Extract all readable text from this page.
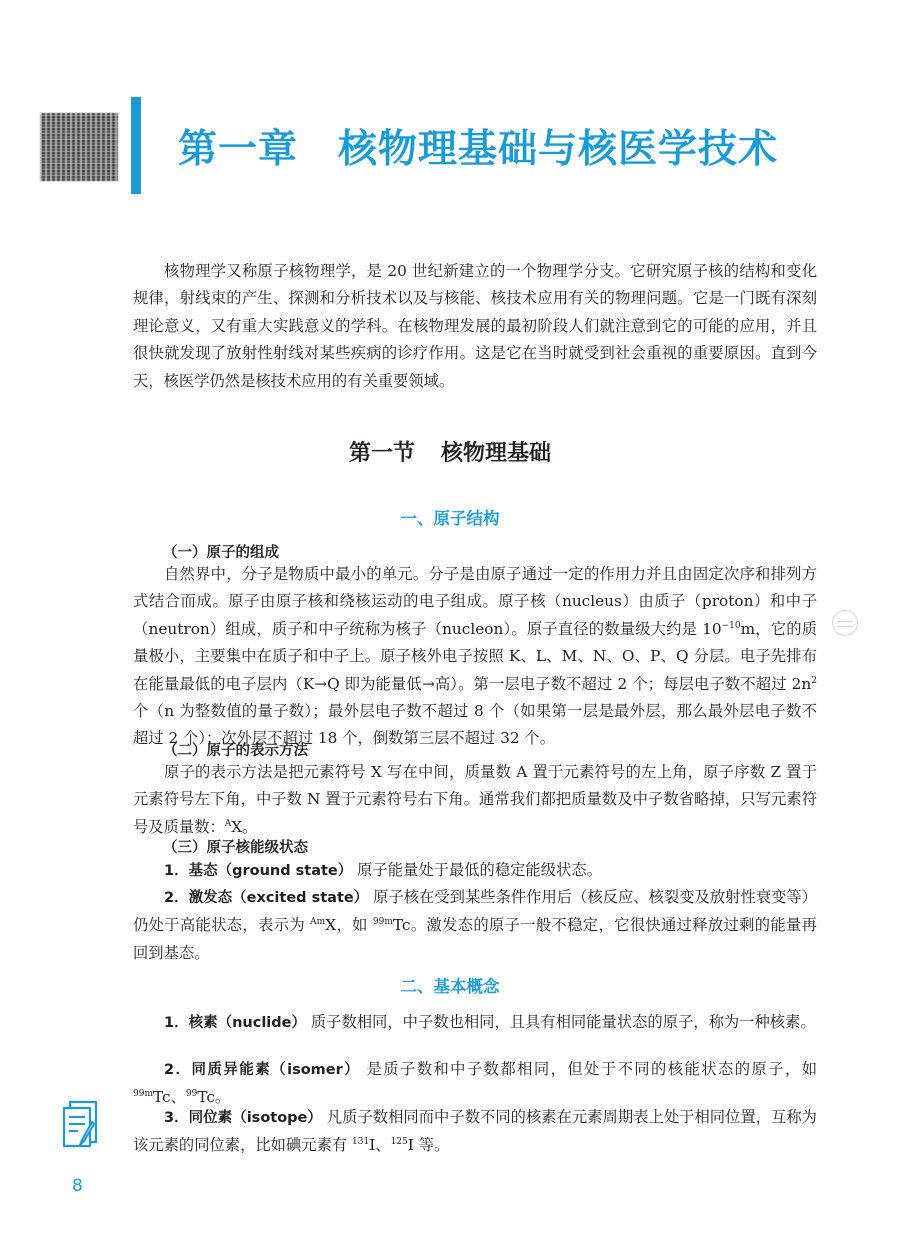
第一章 核物理基础与核医学技术

核物理学又称原子核物理学，是 20 世纪新建立的一个物理学分支。它研究原子核的结构和变化规律，射线束的产生、探测和分析技术以及与核能、核技术应用有关的物理问题。它是一门既有深刻理论意义，又有重大实践意义的学科。在核物理发展的最初阶段人们就注意到它的可能的应用，并且很快就发现了放射性射线对某些疾病的诊疗作用。这是它在当时就受到社会重视的重要原因。直到今天，核医学仍然是核技术应用的有关重要领域。

第一节 核物理基础
一、原子结构
（一）原子的组成

自然界中，分子是物质中最小的单元。分子是由原子通过一定的作用力并且由固定次序和排列方式结合而成。原子由原子核和绕核运动的电子组成。原子核（nucleus）由质子（proton）和中子（neutron）组成，质子和中子统称为核子（nucleon）。原子直径的数量级大约是 $10^{-10}m$，它的质量极小，主要集中在质子和中子上。原子核外电子按照 K、L、M、N、O、P、Q 分层。电子先排布在能量最低的电子层内（K→Q 即为能量低→高）。第一层电子数不超过 2 个；每层电子数不超过 $2n^2$个（n 为整数值的量子数）；最外层电子数不超过 8 个（如果第一层是最外层，那么最外层电子数不超过 2 个）；次外层不超过 18 个，倒数第三层不超过 32 个。

（二）原子的表示方法

原子的表示方法是把元素符号 X 写在中间，质量数 A 置于元素符号的左上角，原子序数 Z 置于元素符号左下角，中子数 N 置于元素符号右下角。通常我们都把质量数及中子数省略掉，只写元素符号及质量数：$^A$X。

（三）原子核能级状态

1．基态（ground state） 原子能量处于最低的稳定能级状态。

2．激发态（excited state） 原子核在受到某些条件作用后（核反应、核裂变及放射性衰变等）仍处于高能状态，表示为 $^{Am}$X，如 $^{99m}$Tc。激发态的原子一般不稳定，它很快通过释放过剩的能量再回到基态。

二、基本概念

1．核素（nuclide） 质子数相同，中子数也相同，且具有相同能量状态的原子，称为一种核素。

2．同质异能素（isomer） 是质子数和中子数都相同，但处于不同的核能状态的原子，如 $^{99m}$Tc、$^{99}$Tc。

3．同位素（isotope） 凡质子数相同而中子数不同的核素在元素周期表上处于相同位置，互称为该元素的同位素，比如碘元素有 $^{131}$I、$^{125}$I 等。

8
